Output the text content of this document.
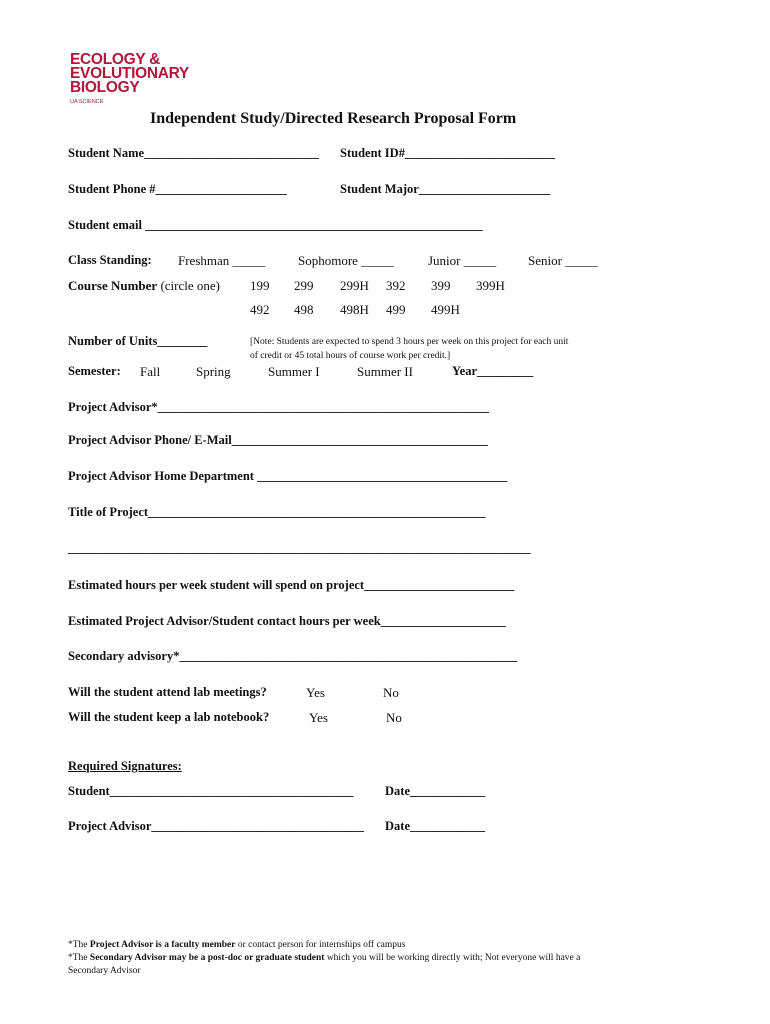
ECOLOGY &
EVOLUTIONARY
BIOLOGY
UA SCIENCE
Independent Study/Directed Research Proposal Form
Student Name____________________________ Student ID#________________________
Student Phone #_____________________	Student Major_____________________
Student email ______________________________________________________
Class Standing: Freshman _____	Sophomore _____	Junior _____ Senior _____
Course Number (circle one) 199 299 299H 392 399 399H
492 498 498H 499 499H
Number of Units________	[Note: Students are expected to spend 3 hours per week on this project for each unit
of credit or 45 total hours of course work per credit.]
Semester: Fall	Spring	Summer I	Summer II	Year_________
Project Advisor*_____________________________________________________
Project Advisor Phone/ E-Mail_________________________________________
Project Advisor Home Department ________________________________________
Title of Project______________________________________________________
__________________________________________________________________________
Estimated hours per week student will spend on project________________________
Estimated Project Advisor/Student contact hours per week____________________
Secondary advisory*______________________________________________________
Will the student attend lab meetings?	Yes	No
Will the student keep a lab notebook?	Yes	No
Required Signatures:
Student_______________________________________	Date____________
Project Advisor__________________________________ Date____________
*The Project Advisor is a faculty member or contact person for internships off campus
*The Secondary Advisor may be a post-doc or graduate student which you will be working directly with; Not everyone will have a
Secondary Advisor
